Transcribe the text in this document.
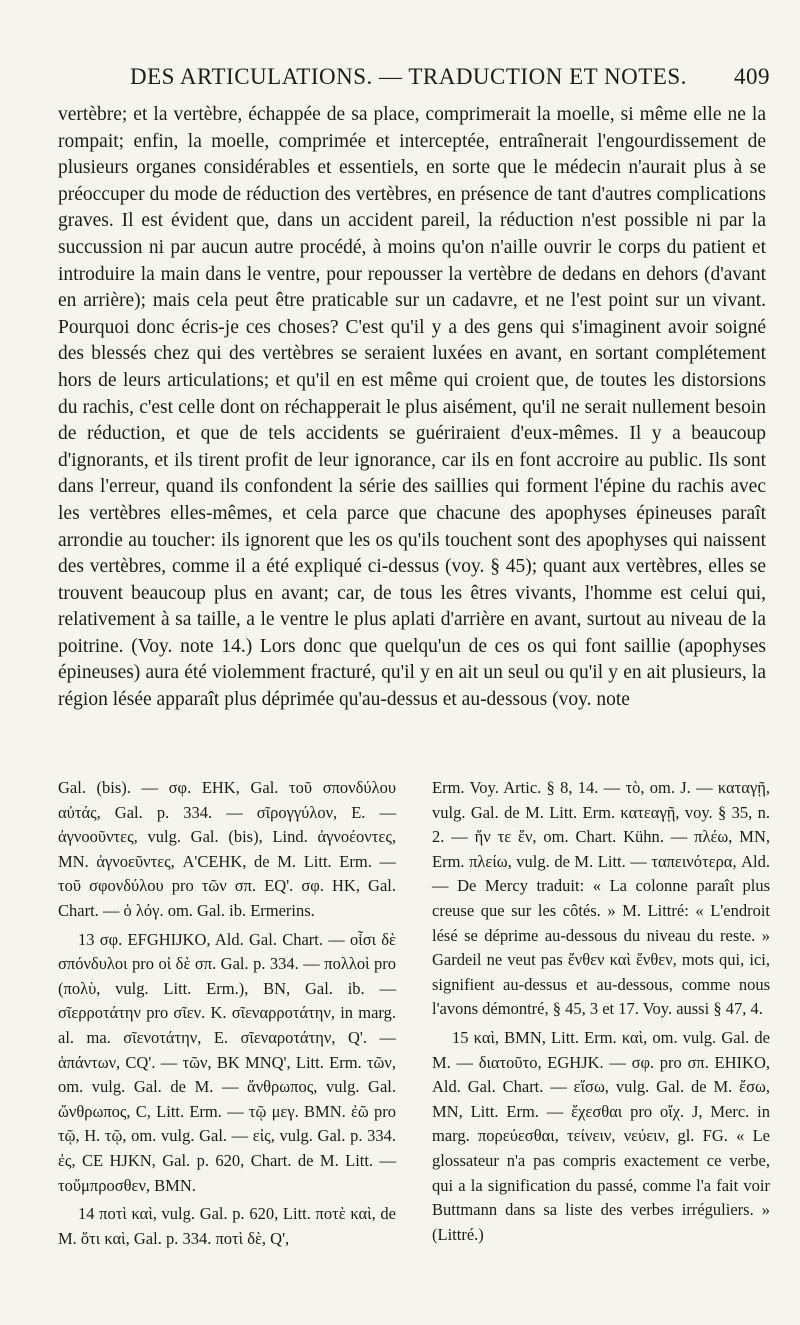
DES ARTICULATIONS. — TRADUCTION ET NOTES. 409

vertèbre; et la vertèbre, échappée de sa place, comprimerait la moelle, si même elle ne la rompait; enfin, la moelle, comprimée et interceptée, entraînerait l'engourdissement de plusieurs organes considérables et essentiels, en sorte que le médecin n'aurait plus à se préoccuper du mode de réduction des vertèbres, en présence de tant d'autres complications graves. Il est évident que, dans un accident pareil, la réduction n'est possible ni par la succussion ni par aucun autre procédé, à moins qu'on n'aille ouvrir le corps du patient et introduire la main dans le ventre, pour repousser la vertèbre de dedans en dehors (d'avant en arrière); mais cela peut être praticable sur un cadavre, et ne l'est point sur un vivant. Pourquoi donc écris-je ces choses? C'est qu'il y a des gens qui s'imaginent avoir soigné des blessés chez qui des vertèbres se seraient luxées en avant, en sortant complétement hors de leurs articulations; et qu'il en est même qui croient que, de toutes les distorsions du rachis, c'est celle dont on réchapperait le plus aisément, qu'il ne serait nullement besoin de réduction, et que de tels accidents se guériraient d'eux-mêmes. Il y a beaucoup d'ignorants, et ils tirent profit de leur ignorance, car ils en font accroire au public. Ils sont dans l'erreur, quand ils confondent la série des saillies qui forment l'épine du rachis avec les vertèbres elles-mêmes, et cela parce que chacune des apophyses épineuses paraît arrondie au toucher: ils ignorent que les os qu'ils touchent sont des apophyses qui naissent des vertèbres, comme il a été expliqué ci-dessus (voy. § 45); quant aux vertèbres, elles se trouvent beaucoup plus en avant; car, de tous les êtres vivants, l'homme est celui qui, relativement à sa taille, a le ventre le plus aplati d'arrière en avant, surtout au niveau de la poitrine. (Voy. note 14.) Lors donc que quelqu'un de ces os qui font saillie (apophyses épineuses) aura été violemment fracturé, qu'il y en ait un seul ou qu'il y en ait plusieurs, la région lésée apparaît plus déprimée qu'au-dessus et au-dessous (voy. note

Gal. (bis). — σφ. EHK, Gal. τοῦ σπονδύλου αὐτάς, Gal. p. 334. — σῖρογγύλον, E. — ἀγνοοῦντες, vulg. Gal. (bis), Lind. ἀγνοέοντες, MN. ἀγνοεῦντες, A'CEHK, de M. Litt. Erm. — τοῦ σφονδύλου pro τῶν σπ. EQ'. σφ. HK, Gal. Chart. — ὁ λόγ. om. Gal. ib. Ermerins.

13 σφ. EFGHIJKO, Ald. Gal. Chart. — οἷσι δὲ σπόνδυλοι pro οἱ δὲ σπ. Gal. p. 334. — πολλοὶ pro (πολὺ, vulg. Litt. Erm.), BN, Gal. ib. — σῖερροτάτην pro σῖεν. K. σῖεναρροτάτην, in marg. al. ma. σῖενοτάτην, E. σῖεναροτάτην, Q'. — ἁπάντων, CQ'. — τῶν, BK MNQ', Litt. Erm. τῶν, om. vulg. Gal. de M. — ἄνθρωπος, vulg. Gal. ὤνθρωπος, C, Litt. Erm. — τῷ μεγ. BMN. ἐῶ pro τῷ, H. τῷ, om. vulg. Gal. — εἰς, vulg. Gal. p. 334. ἐς, CE HJKN, Gal. p. 620, Chart. de M. Litt. — τοὔμπροσθεν, BMN.

14 ποτὶ καὶ, vulg. Gal. p. 620, Litt. ποτὲ καὶ, de M. ὅτι καὶ, Gal. p. 334. ποτὶ δὲ, Q',

Erm. Voy. Artic. § 8, 14. — τὸ, om. J. — καταγῇ, vulg. Gal. de M. Litt. Erm. κατεαγῇ, voy. § 35, n. 2. — ἤν τε ἕν, om. Chart. Kühn. — πλέω, MN, Erm. πλείω, vulg. de M. Litt. — ταπεινότερα, Ald. — De Mercy traduit: « La colonne paraît plus creuse que sur les côtés. » M. Littré: « L'endroit lésé se déprime au-dessous du niveau du reste. » Gardeil ne veut pas ἔνθεν καὶ ἔνθεν, mots qui, ici, signifient au-dessus et au-dessous, comme nous l'avons démontré, § 45, 3 et 17. Voy. aussi § 47, 4.

15 καὶ, BMN, Litt. Erm. καὶ, om. vulg. Gal. de M. — διατοῦτο, EGHJK. — σφ. pro σπ. EHIKO, Ald. Gal. Chart. — εἴσω, vulg. Gal. de M. ἔσω, MN, Litt. Erm. — ἔχεσθαι pro οἴχ. J, Merc. in marg. πορεύεσθαι, τείνειν, νεύειν, gl. FG. « Le glossateur n'a pas compris exactement ce verbe, qui a la signification du passé, comme l'a fait voir Buttmann dans sa liste des verbes irréguliers. » (Littré.)
